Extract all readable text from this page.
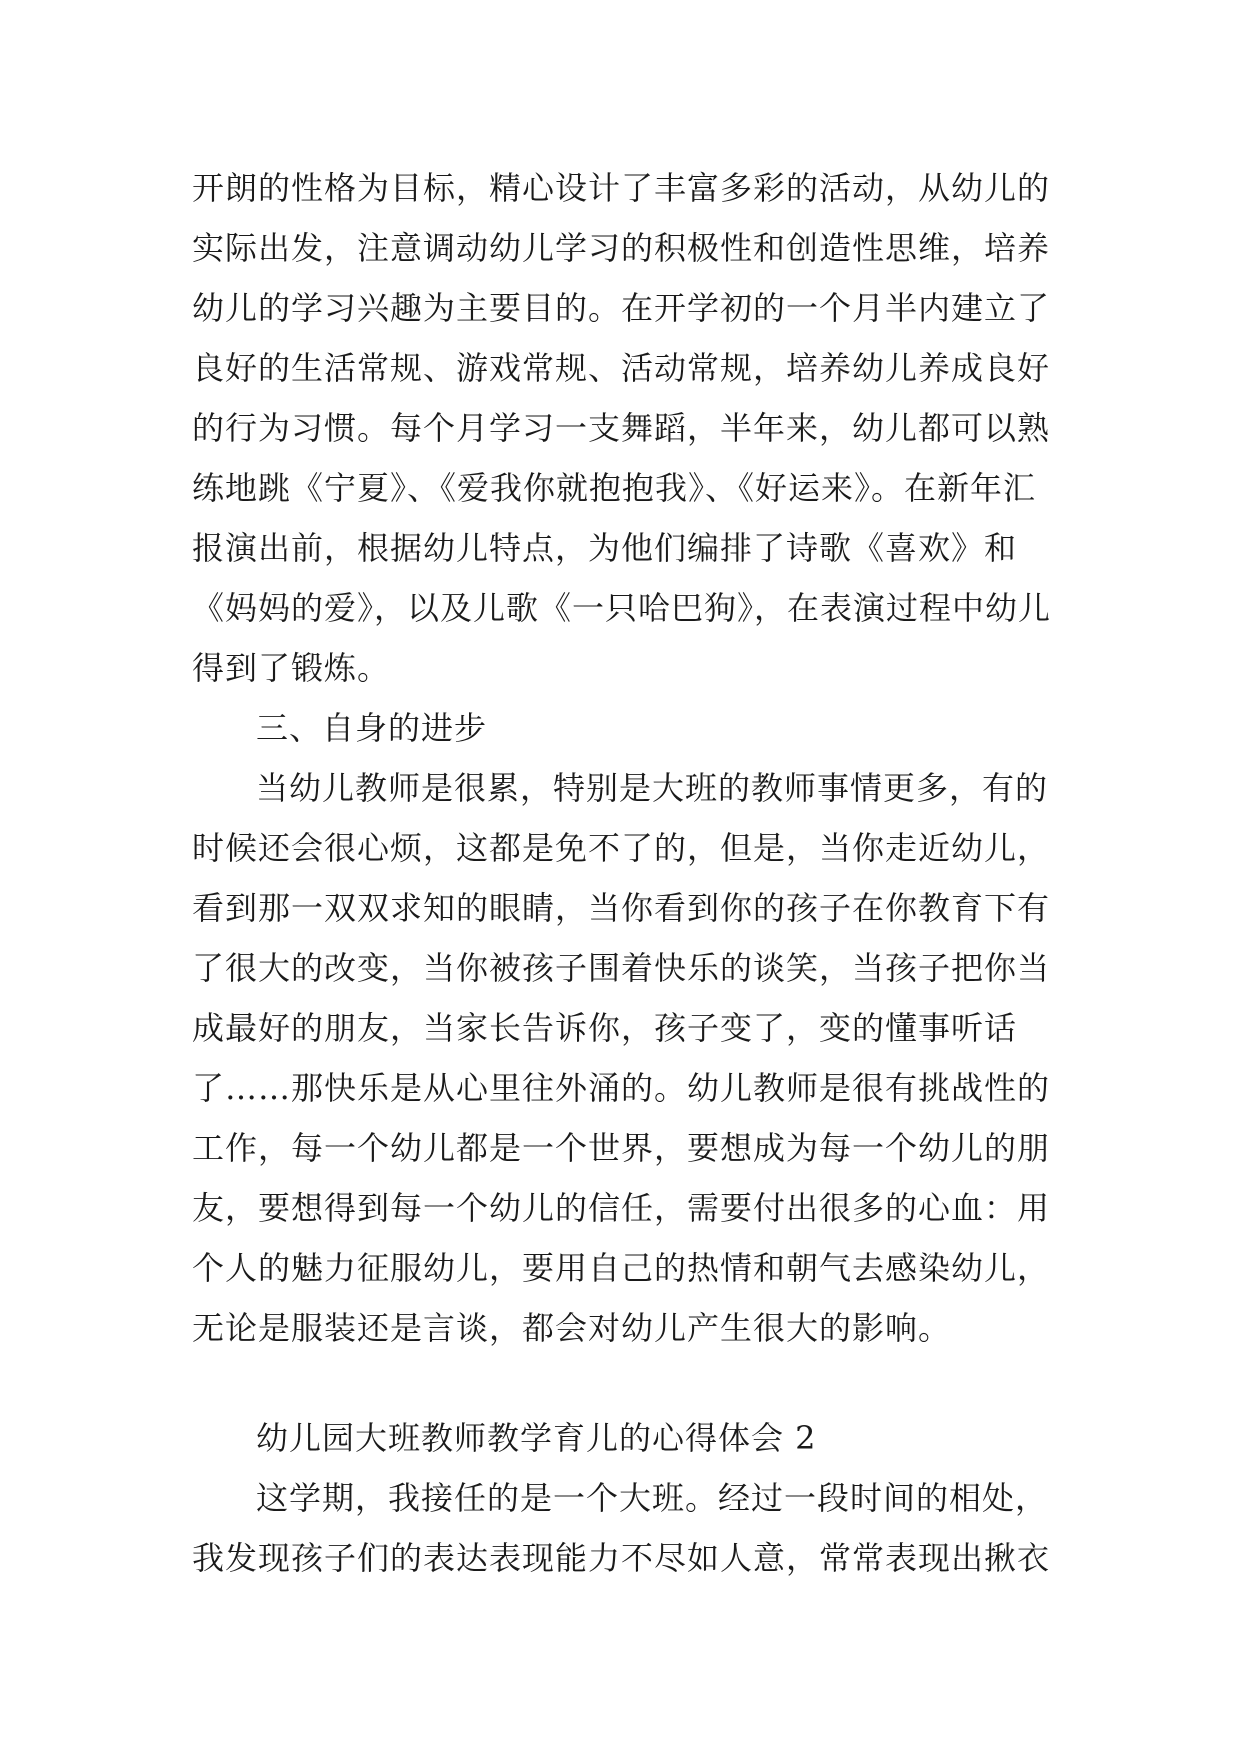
开朗的性格为目标，精心设计了丰富多彩的活动，从幼儿的
实际出发，注意调动幼儿学习的积极性和创造性思维，培养
幼儿的学习兴趣为主要目的。在开学初的一个月半内建立了
良好的生活常规、游戏常规、活动常规，培养幼儿养成良好
的行为习惯。每个月学习一支舞蹈，半年来，幼儿都可以熟
练地跳《宁夏》、《爱我你就抱抱我》、《好运来》。在新年汇
报演出前，根据幼儿特点，为他们编排了诗歌《喜欢》和
《妈妈的爱》，以及儿歌《一只哈巴狗》，在表演过程中幼儿
得到了锻炼。
三、自身的进步
当幼儿教师是很累，特别是大班的教师事情更多，有的
时候还会很心烦，这都是免不了的，但是，当你走近幼儿，
看到那一双双求知的眼睛，当你看到你的孩子在你教育下有
了很大的改变，当你被孩子围着快乐的谈笑，当孩子把你当
成最好的朋友，当家长告诉你，孩子变了，变的懂事听话
了……那快乐是从心里往外涌的。幼儿教师是很有挑战性的
工作，每一个幼儿都是一个世界，要想成为每一个幼儿的朋
友，要想得到每一个幼儿的信任，需要付出很多的心血：用
个人的魅力征服幼儿，要用自己的热情和朝气去感染幼儿，
无论是服装还是言谈，都会对幼儿产生很大的影响。
幼儿园大班教师教学育儿的心得体会 2
这学期，我接任的是一个大班。经过一段时间的相处，
我发现孩子们的表达表现能力不尽如人意，常常表现出揪衣
